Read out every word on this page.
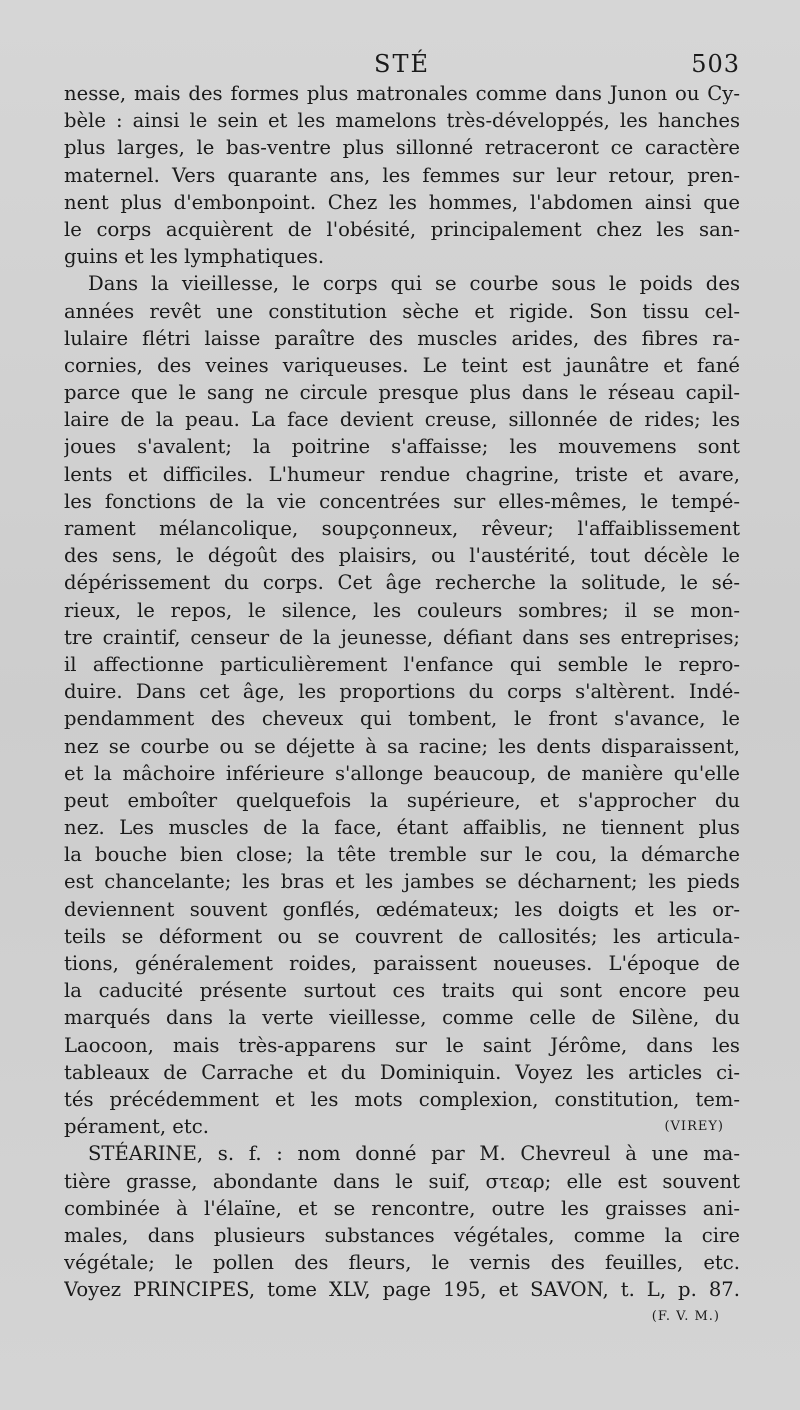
STÉ	503
nesse, mais des formes plus matronales comme dans Junon ou Cy-
bèle : ainsi le sein et les mamelons très-développés, les hanches
plus larges, le bas-ventre plus sillonné retraceront ce caractère
maternel. Vers quarante ans, les femmes sur leur retour, pren-
nent plus d'embonpoint. Chez les hommes, l'abdomen ainsi que
le corps acquièrent de l'obésité, principalement chez les san-
guins et les lymphatiques.
Dans la vieillesse, le corps qui se courbe sous le poids des
années revêt une constitution sèche et rigide. Son tissu cel-
lulaire flétri laisse paraître des muscles arides, des fibres ra-
cornies, des veines variqueuses. Le teint est jaunâtre et fané
parce que le sang ne circule presque plus dans le réseau capil-
laire de la peau. La face devient creuse, sillonnée de rides; les
joues s'avalent; la poitrine s'affaisse; les mouvemens sont
lents et difficiles. L'humeur rendue chagrine, triste et avare,
les fonctions de la vie concentrées sur elles-mêmes, le tempé-
rament mélancolique, soupçonneux, rêveur; l'affaiblissement
des sens, le dégoût des plaisirs, ou l'austérité, tout décèle le
dépérissement du corps. Cet âge recherche la solitude, le sé-
rieux, le repos, le silence, les couleurs sombres; il se mon-
tre craintif, censeur de la jeunesse, défiant dans ses entreprises;
il affectionne particulièrement l'enfance qui semble le repro-
duire. Dans cet âge, les proportions du corps s'altèrent. Indé-
pendamment des cheveux qui tombent, le front s'avance, le
nez se courbe ou se déjette à sa racine; les dents disparaissent,
et la mâchoire inférieure s'allonge beaucoup, de manière qu'elle
peut emboîter quelquefois la supérieure, et s'approcher du
nez. Les muscles de la face, étant affaiblis, ne tiennent plus
la bouche bien close; la tête tremble sur le cou, la démarche
est chancelante; les bras et les jambes se décharnent; les pieds
deviennent souvent gonflés, œdémateux; les doigts et les or-
teils se déforment ou se couvrent de callosités; les articula-
tions, généralement roides, paraissent noueuses. L'époque de
la caducité présente surtout ces traits qui sont encore peu
marqués dans la verte vieillesse, comme celle de Silène, du
Laocoon, mais très-apparens sur le saint Jérôme, dans les
tableaux de Carrache et du Dominiquin. Voyez les articles ci-
tés précédemment et les mots complexion, constitution, tem-
pérament, etc.	(VIREY)
STÉARINE, s. f. : nom donné par M. Chevreul à une ma-
tière grasse, abondante dans le suif, στεαρ; elle est souvent
combinée à l'élaïne, et se rencontre, outre les graisses ani-
males, dans plusieurs substances végétales, comme la cire
végétale; le pollen des fleurs, le vernis des feuilles, etc.
Voyez PRINCIPES, tome XLV, page 195, et SAVON, t. L, p. 87.
(F. V. M.)
